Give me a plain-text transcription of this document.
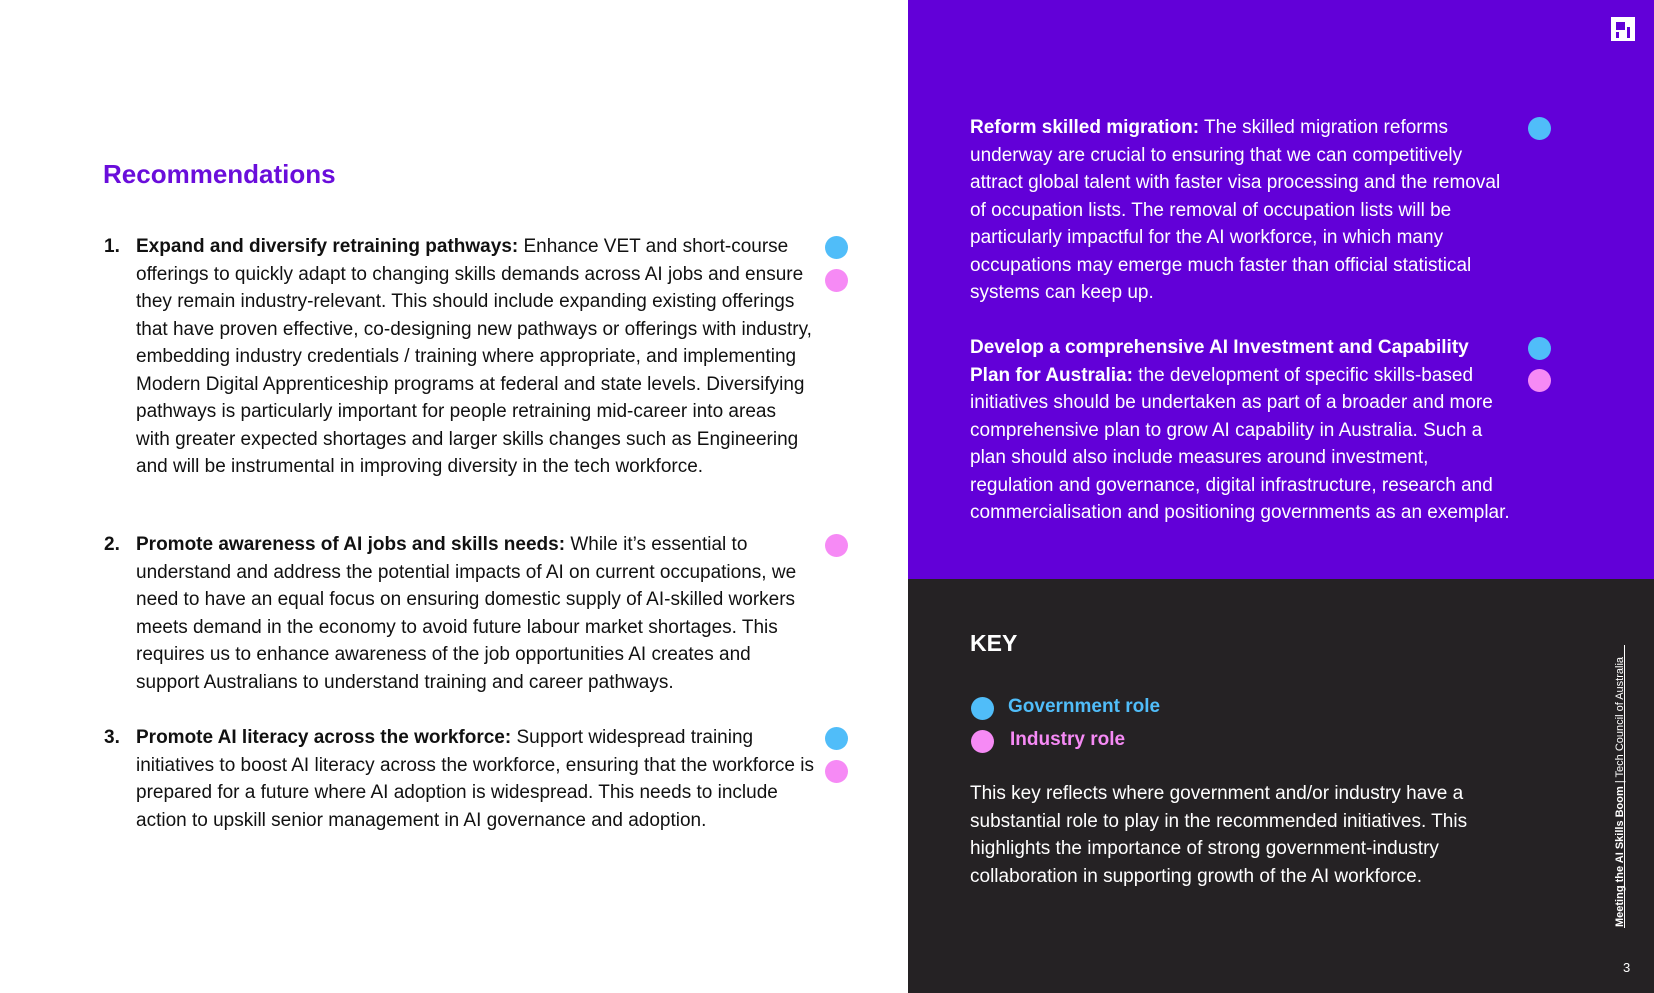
Recommendations
1. Expand and diversify retraining pathways: Enhance VET and short-course offerings to quickly adapt to changing skills demands across AI jobs and ensure they remain industry-relevant. This should include expanding existing offerings that have proven effective, co-designing new pathways or offerings with industry, embedding industry credentials / training where appropriate, and implementing Modern Digital Apprenticeship programs at federal and state levels. Diversifying pathways is particularly important for people retraining mid-career into areas with greater expected shortages and larger skills changes such as Engineering and will be instrumental in improving diversity in the tech workforce.
2. Promote awareness of AI jobs and skills needs: While it’s essential to understand and address the potential impacts of AI on current occupations, we need to have an equal focus on ensuring domestic supply of AI-skilled workers meets demand in the economy to avoid future labour market shortages. This requires us to enhance awareness of the job opportunities AI creates and support Australians to understand training and career pathways.
3. Promote AI literacy across the workforce: Support widespread training initiatives to boost AI literacy across the workforce, ensuring that the workforce is prepared for a future where AI adoption is widespread. This needs to include action to upskill senior management in AI governance and adoption.
Reform skilled migration: The skilled migration reforms underway are crucial to ensuring that we can competitively attract global talent with faster visa processing and the removal of occupation lists. The removal of occupation lists will be particularly impactful for the AI workforce, in which many occupations may emerge much faster than official statistical systems can keep up.
Develop a comprehensive AI Investment and Capability Plan for Australia: the development of specific skills-based initiatives should be undertaken as part of a broader and more comprehensive plan to grow AI capability in Australia. Such a plan should also include measures around investment, regulation and governance, digital infrastructure, research and commercialisation and positioning governments as an exemplar.
KEY
Government role
Industry role
This key reflects where government and/or industry have a substantial role to play in the recommended initiatives. This highlights the importance of strong government-industry collaboration in supporting growth of the AI workforce.	Meeting the AI Skills Boom | Tech Council of Australia
3
